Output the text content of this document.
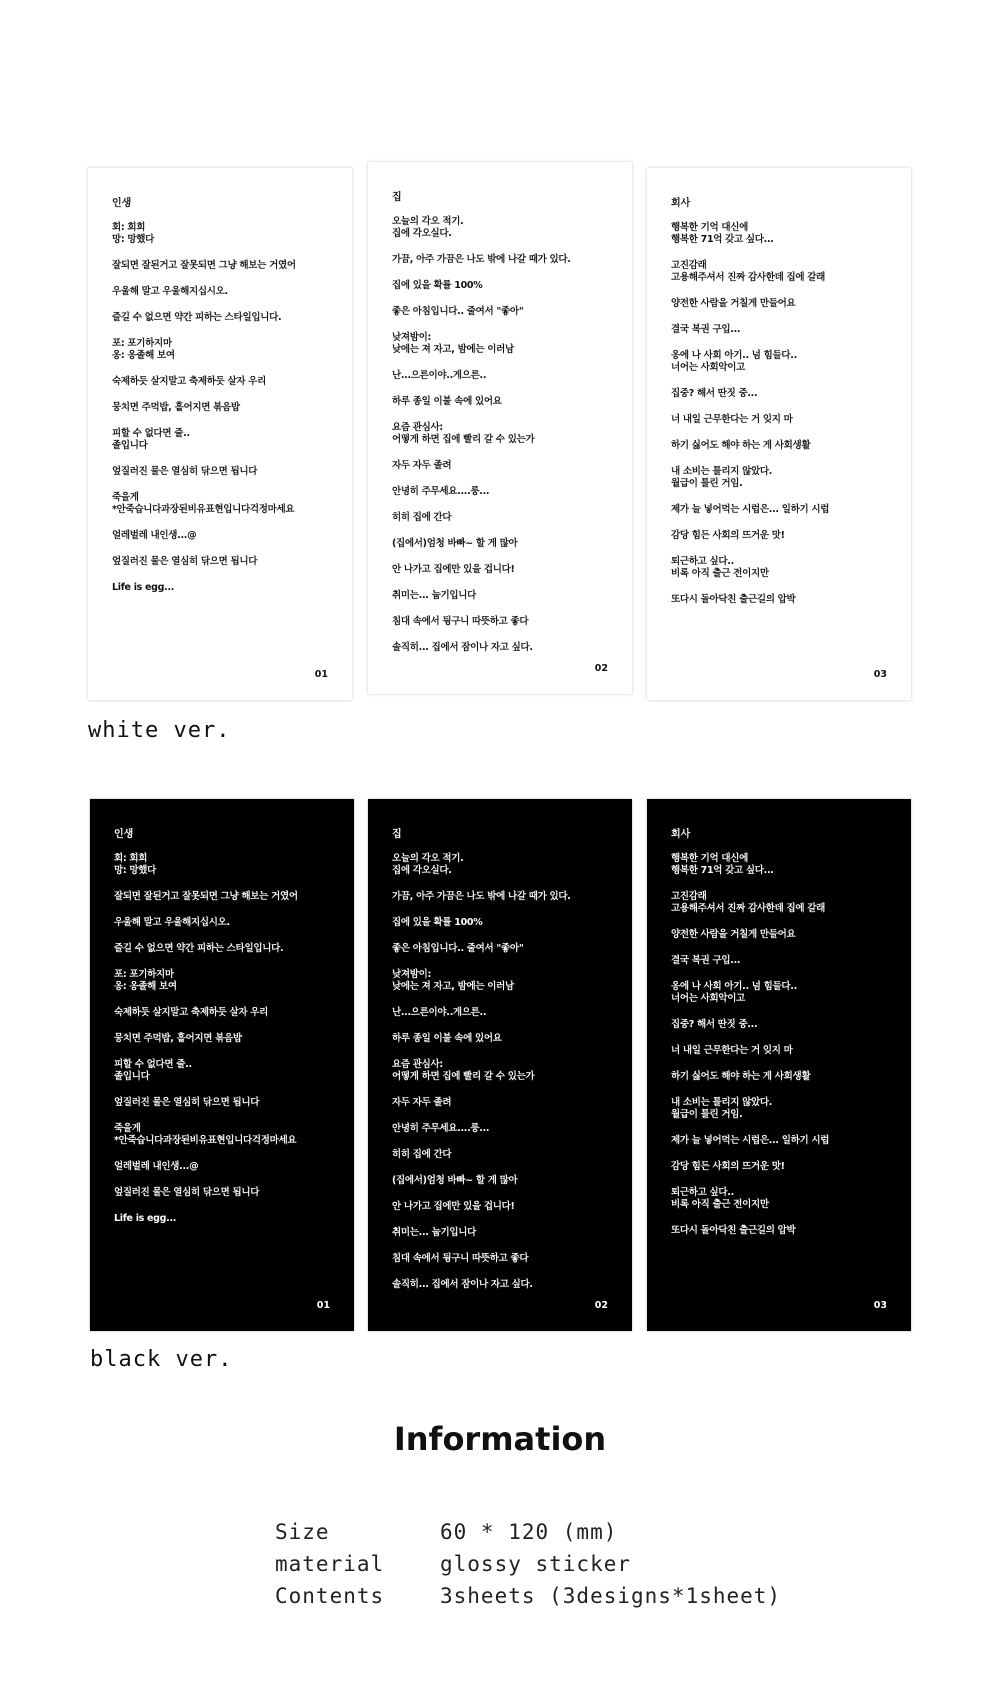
인생
회: 회희
망: 망했다
잘되면 잘된거고 잘못되면 그냥 해보는 거였어
우울해 말고 우울해지십시오.
즐길 수 없으면 약간 피하는 스타일입니다.
포: 포기하지마
옹: 옹졸해 보여
숙제하듯 살지말고 축제하듯 살자 우리
뭉치면 주먹밥, 흩어지면 볶음밥
피할 수 없다면 줄..
졸입니다
엎질러진 물은 열심히 닦으면 됩니다
죽을게
*안죽습니다과장된비유표현입니다걱정마세요
얼레벌레 내인생...@
엎질러진 물은 열심히 닦으면 됩니다
Life is egg...
01
집
오늘의 각오 적기.
집에 각오실다.
가끔, 아주 가끔은 나도 밖에 나갈 때가 있다.
집에 있을 확률 100%
좋은 아침입니다.. 줄여서 "좋아"
낮져밤이:
낮에는 져 자고, 밤에는 이러남
난...으른이야..게으른..
하루 종일 이불 속에 있어요
요즘 관심사:
어떻게 하면 집에 빨리 갈 수 있는가
자두 자두 졸려
안녕히 주무세요....룽...
히히 집에 간다
(집에서)엄청 바빠~ 할 게 많아
안 나가고 집에만 있을 겁니다!
취미는... 눕기입니다
침대 속에서 뒹구니 따뜻하고 좋다
솔직히... 집에서 잠이나 자고 싶다.
02
회사
행복한 기억 대신에
행복한 71억 갖고 싶다...
고진감래
고용해주셔서 진짜 감사한데 집에 갈래
양전한 사람을 거칠게 만들어요
결국 복권 구입...
옹에 나 사회 아기.. 넘 힘들다..
너어는 사회악이고
집중? 해서 딴짓 중...
너 내일 근무한다는 거 잊지 마
하기 싫어도 해야 하는 게 사회생활
내 소비는 틀리지 않았다.
월급이 틀린 거임.
제가 늘 넣어먹는 시럽은... 일하기 시럽
감당 힘든 사회의 뜨거운 맛!
퇴근하고 싶다..
비록 아직 출근 전이지만
또다시 돌아닥친 출근길의 압박
03
white ver.
인생
회: 회희
망: 망했다
잘되면 잘된거고 잘못되면 그냥 해보는 거였어
우울해 말고 우울해지십시오.
즐길 수 없으면 약간 피하는 스타일입니다.
포: 포기하지마
옹: 옹졸해 보여
숙제하듯 살지말고 축제하듯 살자 우리
뭉치면 주먹밥, 흩어지면 볶음밥
피할 수 없다면 줄..
졸입니다
엎질러진 물은 열심히 닦으면 됩니다
죽을게
*안죽습니다과장된비유표현입니다걱정마세요
얼레벌레 내인생...@
엎질러진 물은 열심히 닦으면 됩니다
Life is egg...
01
집
오늘의 각오 적기.
집에 각오실다.
가끔, 아주 가끔은 나도 밖에 나갈 때가 있다.
집에 있을 확률 100%
좋은 아침입니다.. 줄여서 "좋아"
낮져밤이:
낮에는 져 자고, 밤에는 이러남
난...으른이야..게으른..
하루 종일 이불 속에 있어요
요즘 관심사:
어떻게 하면 집에 빨리 갈 수 있는가
자두 자두 졸려
안녕히 주무세요....룽...
히히 집에 간다
(집에서)엄청 바빠~ 할 게 많아
안 나가고 집에만 있을 겁니다!
취미는... 눕기입니다
침대 속에서 뒹구니 따뜻하고 좋다
솔직히... 집에서 잠이나 자고 싶다.
02
회사
행복한 기억 대신에
행복한 71억 갖고 싶다...
고진감래
고용해주셔서 진짜 감사한데 집에 갈래
양전한 사람을 거칠게 만들어요
결국 복권 구입...
옹에 나 사회 아기.. 넘 힘들다..
너어는 사회악이고
집중? 해서 딴짓 중...
너 내일 근무한다는 거 잊지 마
하기 싫어도 해야 하는 게 사회생활
내 소비는 틀리지 않았다.
월급이 틀린 거임.
제가 늘 넣어먹는 시럽은... 일하기 시럽
감당 힘든 사회의 뜨거운 맛!
퇴근하고 싶다..
비록 아직 출근 전이지만
또다시 돌아닥친 출근길의 압박
03
black ver.
Information
Size	60 * 120 (mm)
material	glossy sticker
Contents	3sheets (3designs*1sheet)
